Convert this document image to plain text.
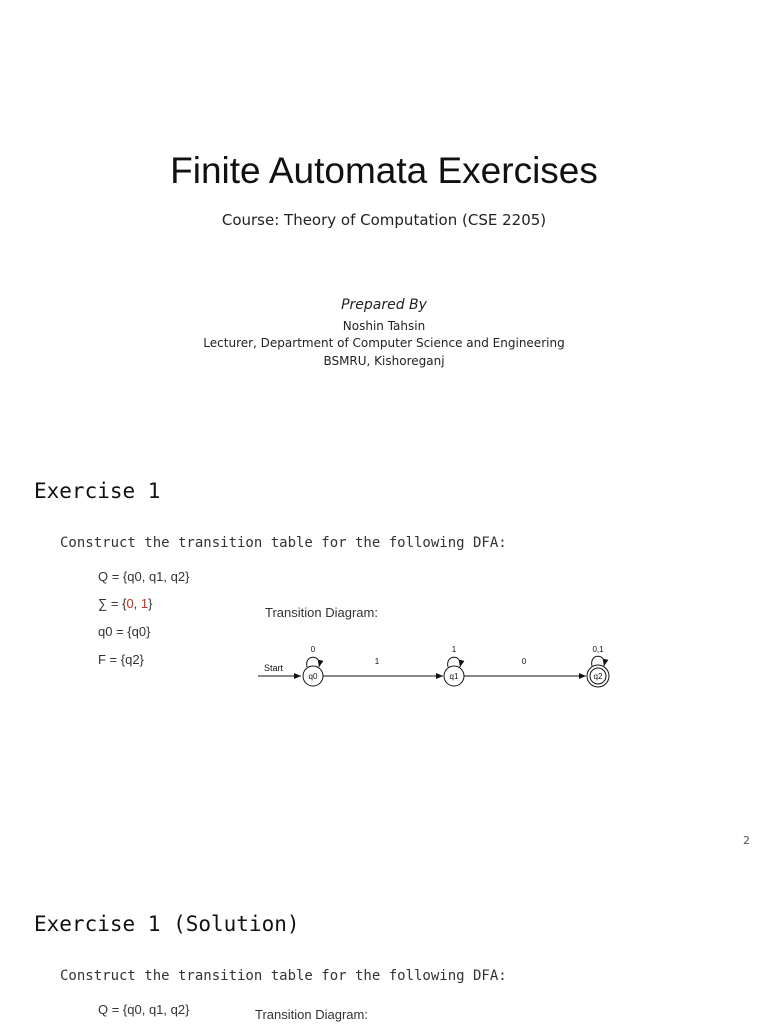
Finite Automata Exercises
Course: Theory of Computation (CSE 2205)
Prepared By
Noshin Tahsin
Lecturer, Department of Computer Science and Engineering
BSMRU, Kishoreganj
Exercise 1
Construct the transition table for the following DFA:
Q = {q0, q1, q2}
∑ = {0, 1}
q0 = {q0}
F = {q2}
Transition Diagram:
Start
q0
0
1
q1
1
0
q2
0,1
2
Exercise 1 (Solution)
Construct the transition table for the following DFA:
Q = {q0, q1, q2}	Transition Diagram:
